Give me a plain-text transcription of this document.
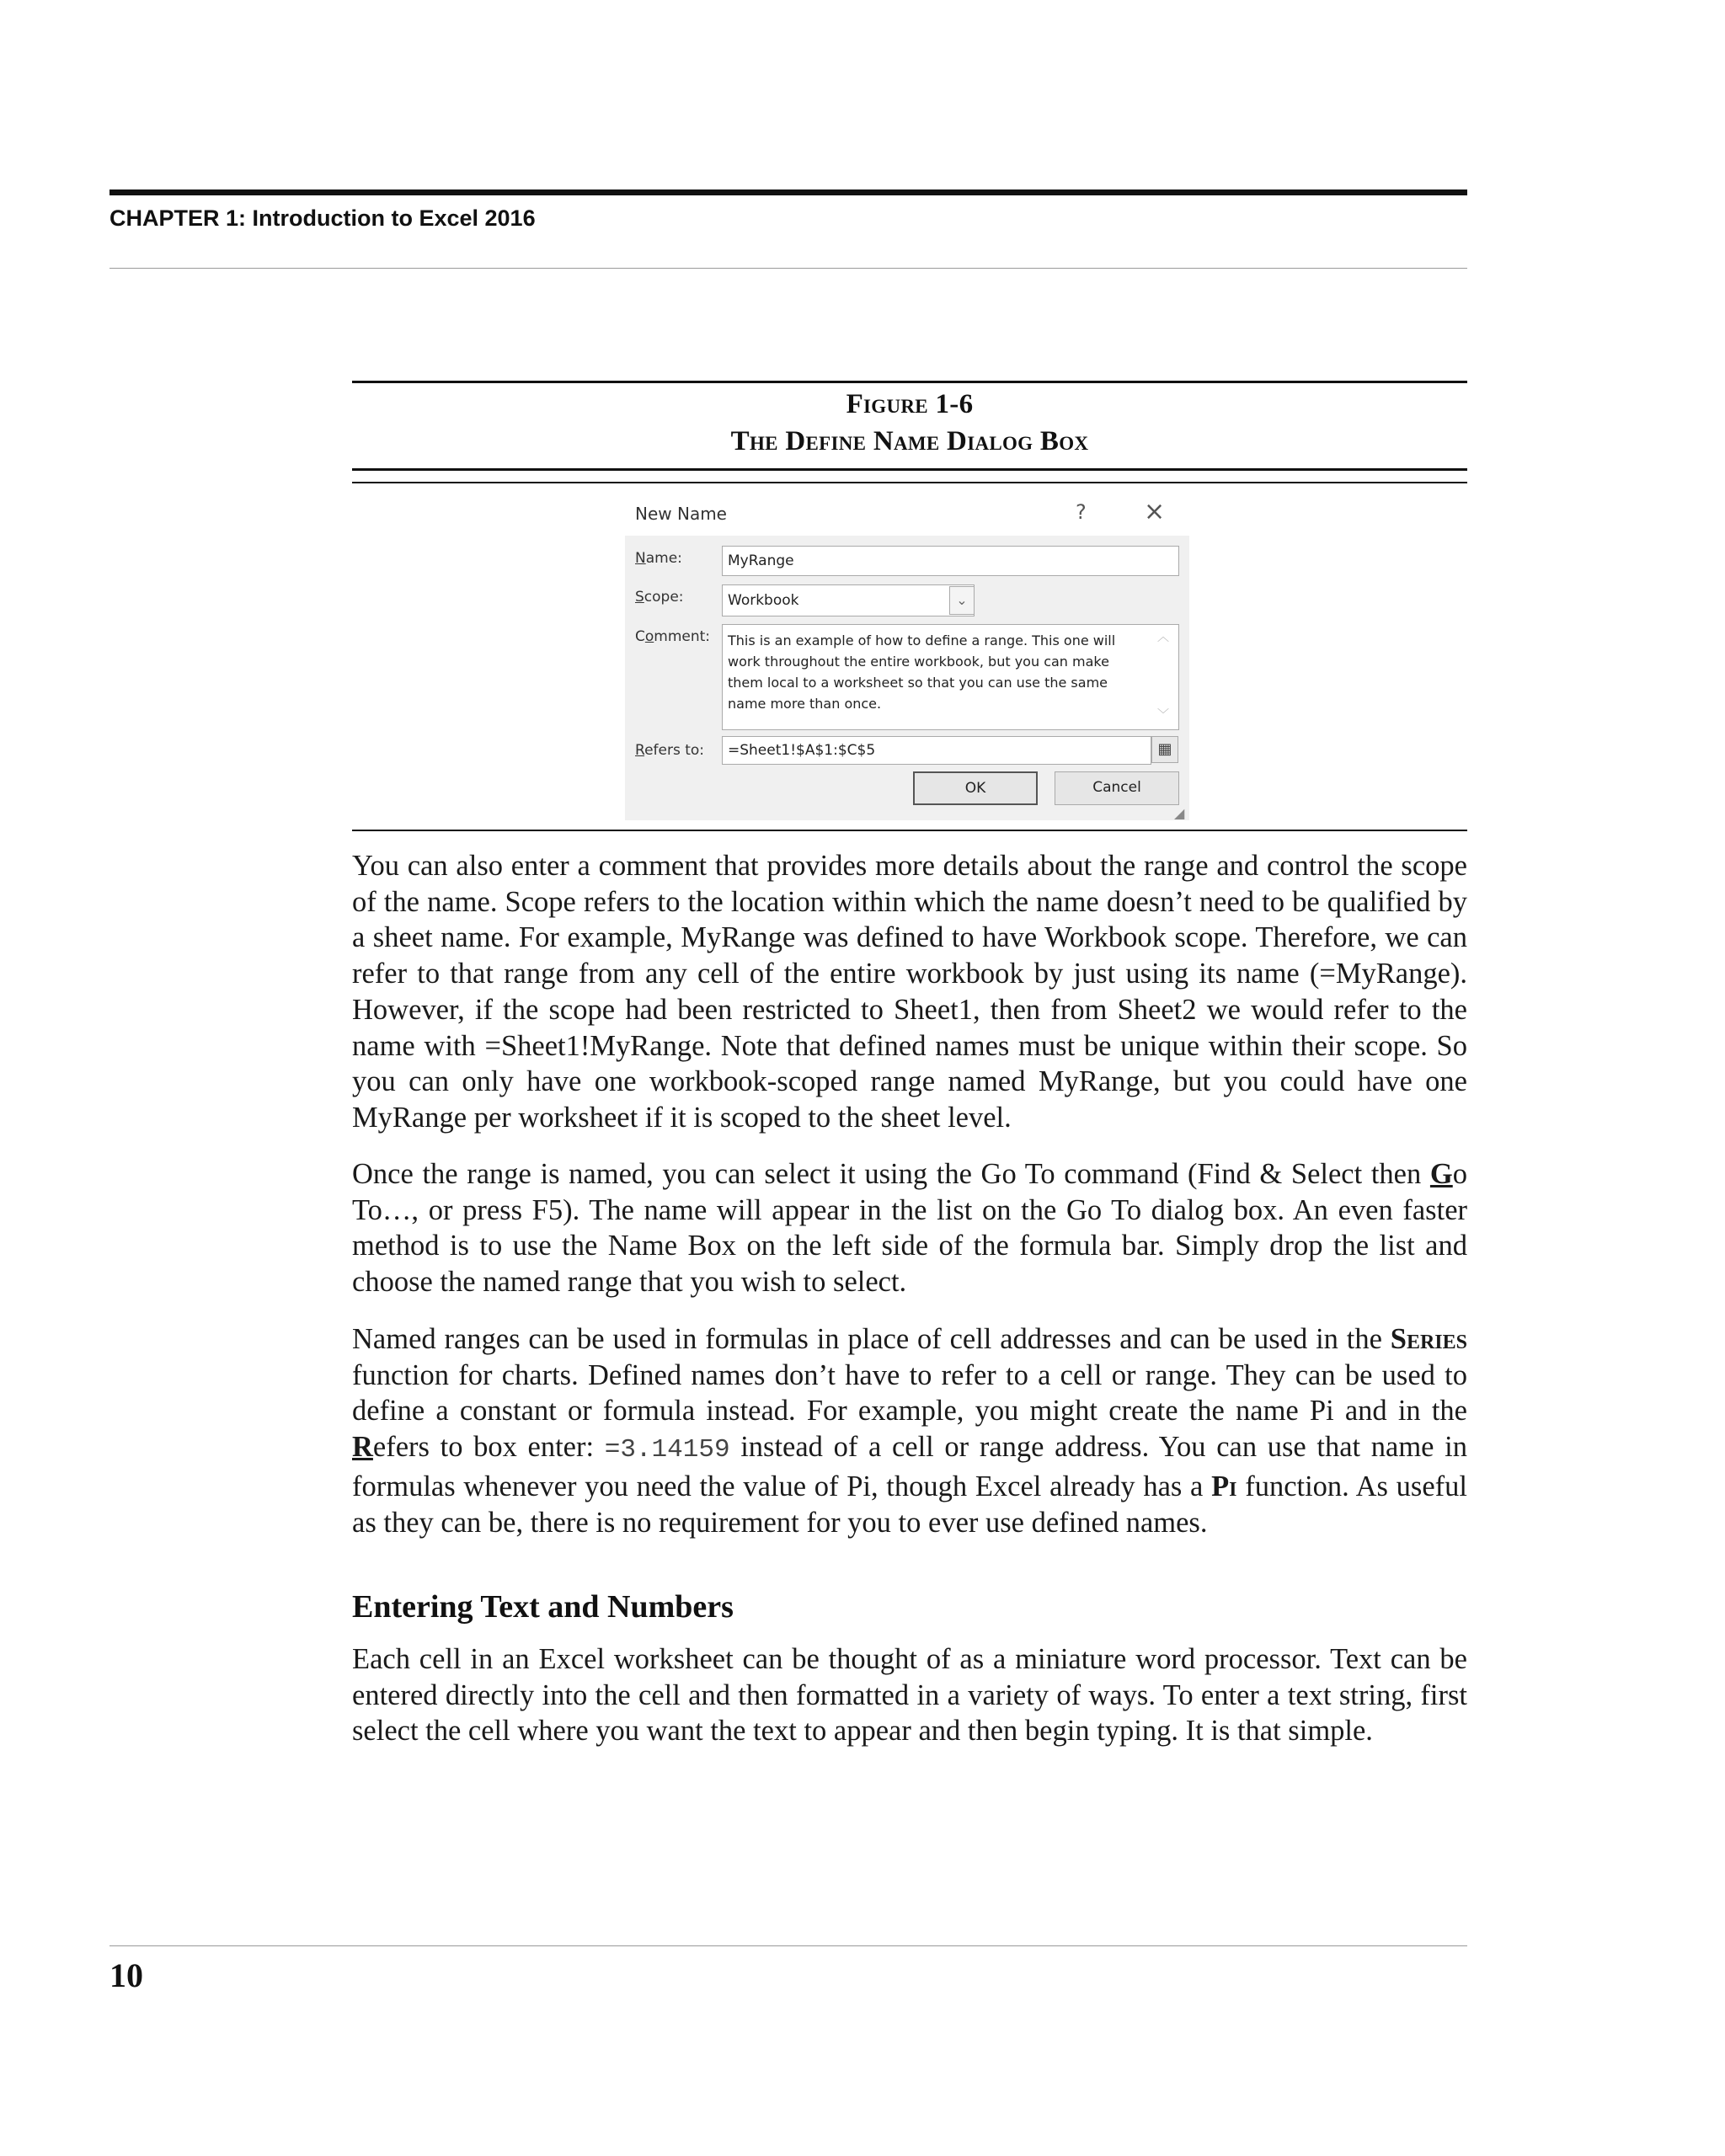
CHAPTER 1: Introduction to Excel 2016
Figure 1-6
The Define Name Dialog Box
New Name	? ×
Name:	MyRange
Scope:	Workbook	⌄
Comment: This is an example of how to define a range. This one will work throughout the entire workbook, but you can make them local to a worksheet so that you can use the same name more than once.
︿
﹀
Refers to:	=Sheet1!$A$1:$C$5	▦
OK	Cancel
◢
You can also enter a comment that provides more details about the range and control the scope of the name. Scope refers to the location within which the name doesn’t need to be qualified by a sheet name. For example, MyRange was defined to have Workbook scope. Therefore, we can refer to that range from any cell of the entire workbook by just using its name (=MyRange). However, if the scope had been restricted to Sheet1, then from Sheet2 we would refer to the name with =Sheet1!MyRange. Note that defined names must be unique within their scope. So you can only have one workbook-scoped range named MyRange, but you could have one MyRange per worksheet if it is scoped to the sheet level.
Once the range is named, you can select it using the Go To command (Find & Select then Go To…, or press F5). The name will appear in the list on the Go To dialog box. An even faster method is to use the Name Box on the left side of the formula bar. Simply drop the list and choose the named range that you wish to select.
Named ranges can be used in formulas in place of cell addresses and can be used in the Series function for charts. Defined names don’t have to refer to a cell or range. They can be used to define a constant or formula instead. For example, you might create the name Pi and in the Refers to box enter: =3.14159 instead of a cell or range address. You can use that name in formulas whenever you need the value of Pi, though Excel already has a Pi function. As useful as they can be, there is no requirement for you to ever use defined names.
Entering Text and Numbers
Each cell in an Excel worksheet can be thought of as a miniature word processor. Text can be entered directly into the cell and then formatted in a variety of ways. To enter a text string, first select the cell where you want the text to appear and then begin typing. It is that simple.
10
